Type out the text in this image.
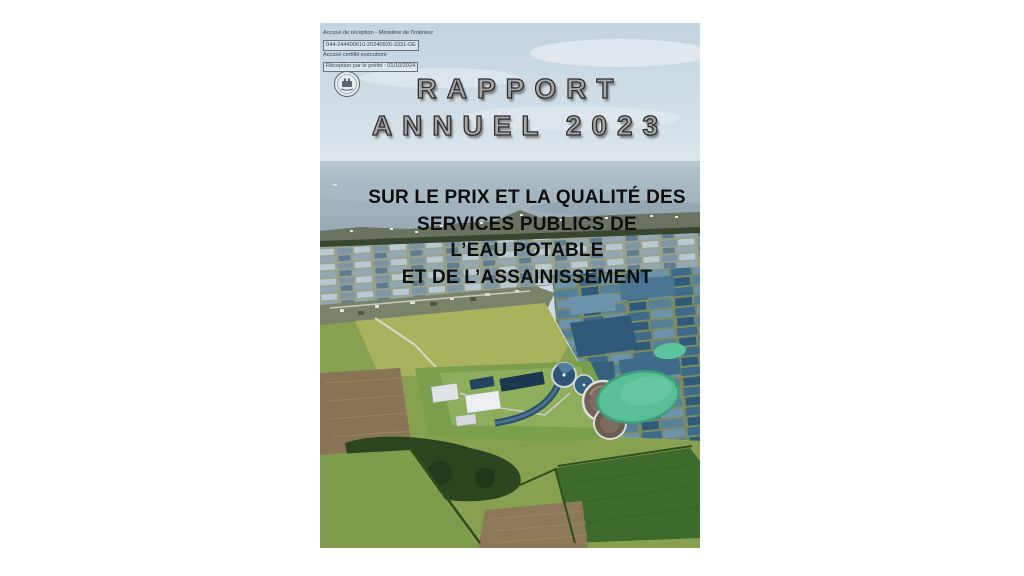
Accusé de réception - Ministère de l'intérieur
044-244400610-20240926-3331-DE
Accusé certifié exécutoire
Réception par le préfet : 01/10/2024
RAPPORT
ANNUEL 2023
SUR LE PRIX ET LA QUALITÉ DES
SERVICES PUBLICS DE
L’EAU POTABLE
ET DE L’ASSAINISSEMENT
